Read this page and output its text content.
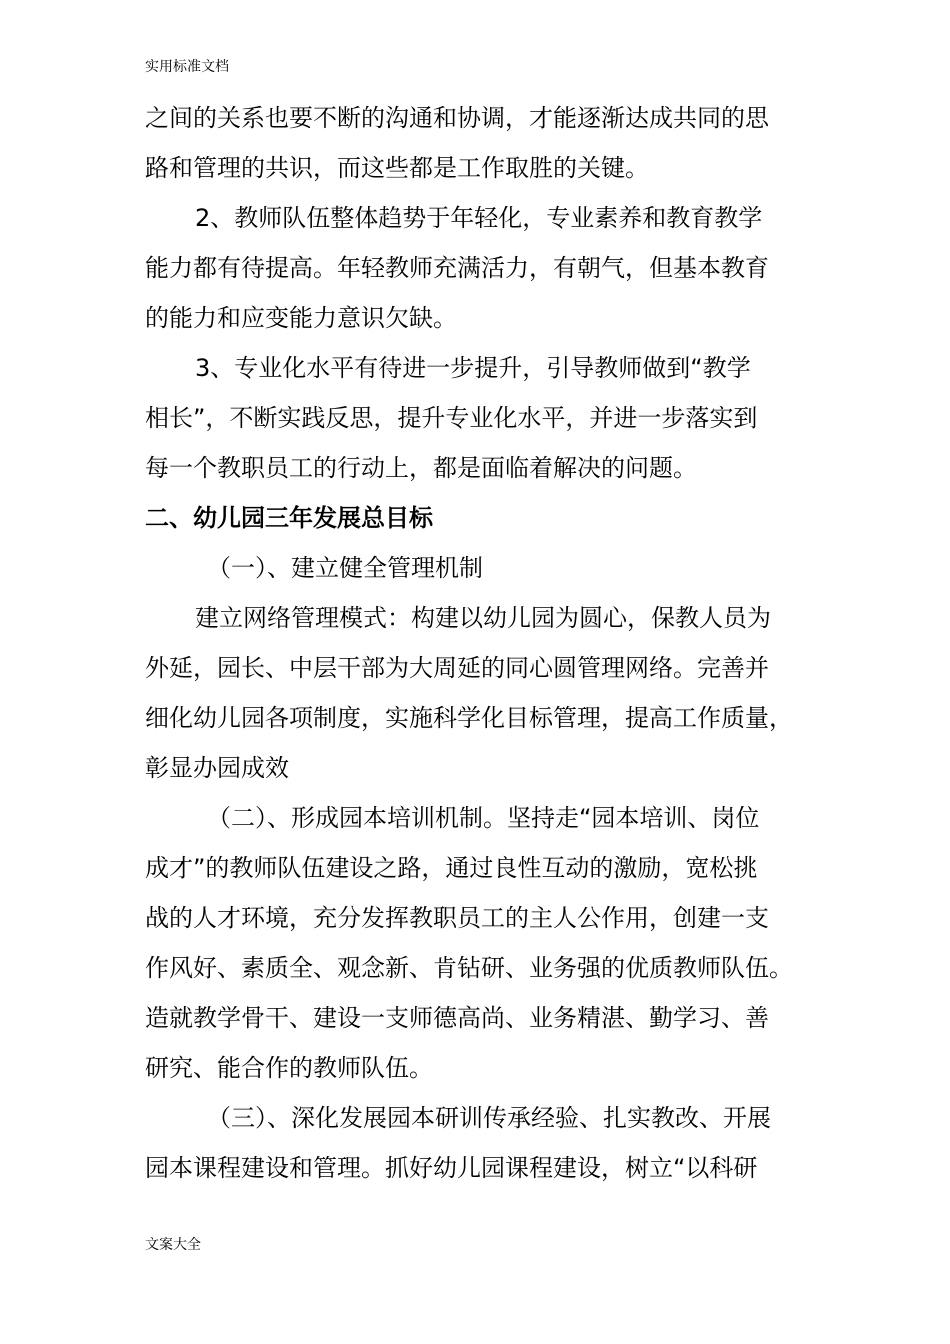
实用标准文档
之间的关系也要不断的沟通和协调，才能逐渐达成共同的思
路和管理的共识，而这些都是工作取胜的关键。
2、教师队伍整体趋势于年轻化，专业素养和教育教学
能力都有待提高。年轻教师充满活力，有朝气，但基本教育
的能力和应变能力意识欠缺。
3、专业化水平有待进一步提升，引导教师做到“教学
相长”，不断实践反思，提升专业化水平，并进一步落实到
每一个教职员工的行动上，都是面临着解决的问题。
二、幼儿园三年发展总目标
（一）、建立健全管理机制
建立网络管理模式：构建以幼儿园为圆心，保教人员为
外延，园长、中层干部为大周延的同心圆管理网络。完善并
细化幼儿园各项制度，实施科学化目标管理，提高工作质量，
彰显办园成效
（二）、形成园本培训机制。坚持走“园本培训、岗位
成才”的教师队伍建设之路，通过良性互动的激励，宽松挑
战的人才环境，充分发挥教职员工的主人公作用，创建一支
作风好、素质全、观念新、肯钻研、业务强的优质教师队伍。
造就教学骨干、建设一支师德高尚、业务精湛、勤学习、善
研究、能合作的教师队伍。
（三）、深化发展园本研训传承经验、扎实教改、开展
园本课程建设和管理。抓好幼儿园课程建设，树立“以科研
文案大全
